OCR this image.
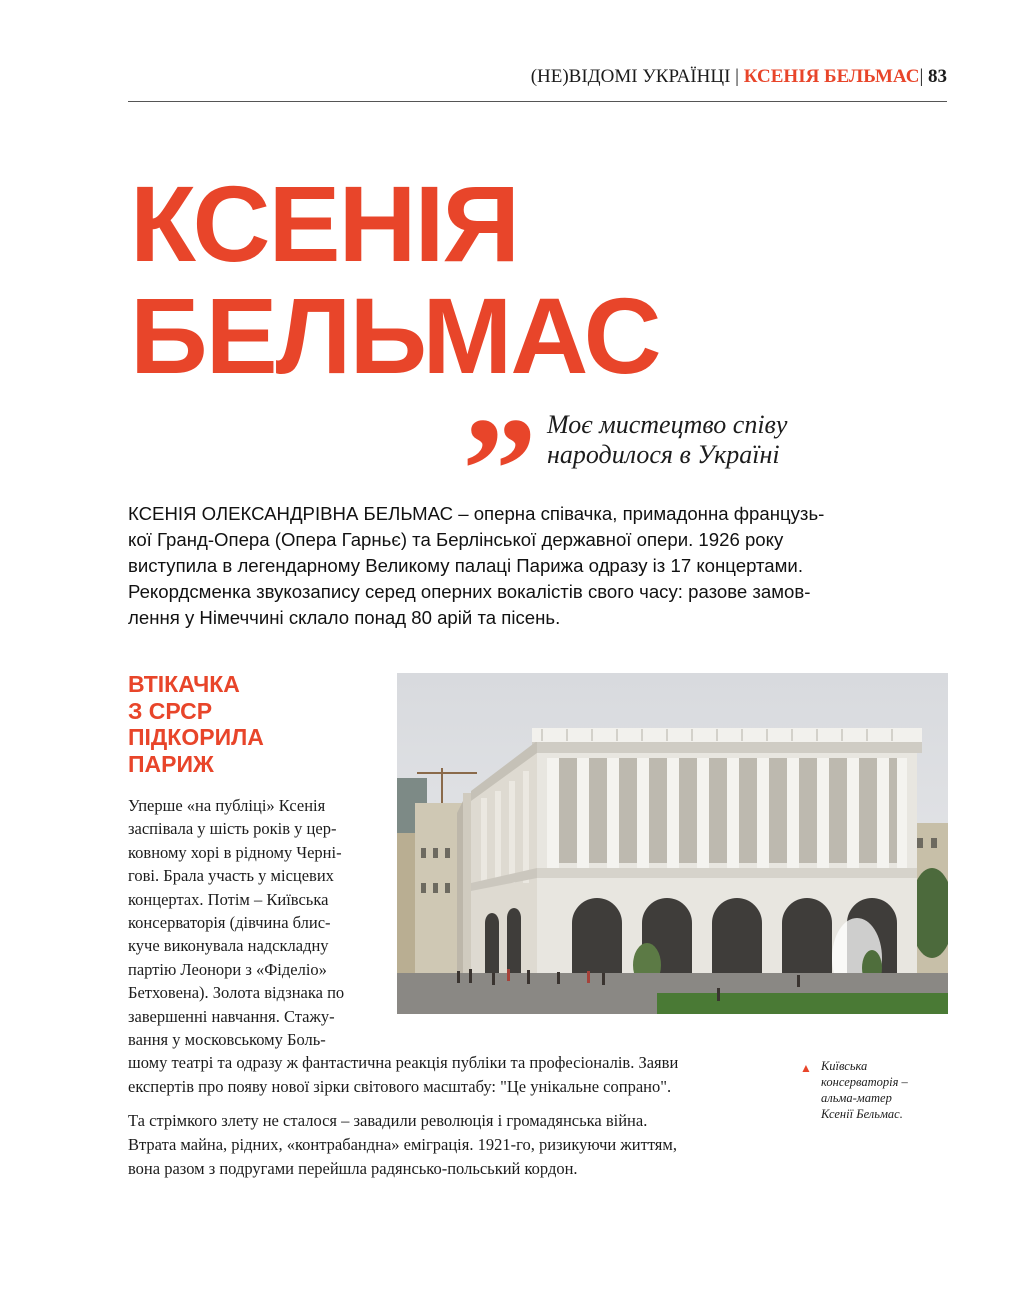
(НЕ)ВІДОМІ УКРАЇНЦІ | КСЕНІЯ БЕЛЬМАС| 83
КСЕНІЯ
БЕЛЬМАС
” Моє мистецтво співу
народилося в Україні
КСЕНІЯ ОЛЕКСАНДРІВНА БЕЛЬМАС – оперна співачка, примадонна французь-
кої Гранд-Опера (Опера Гарньє) та Берлінської державної опери. 1926 року
виступила в легендарному Великому палаці Парижа одразу із 17 концертами.
Рекордсменка звукозапису серед оперних вокалістів свого часу: разове замов-
лення у Німеччині склало понад 80 арій та пісень.
ВТІКАЧКА
З СРСР
ПІДКОРИЛА
ПАРИЖ
Уперше «на публіці» Ксенія
заспівала у шість років у цер-
ковному хорі в рідному Черні-
гові. Брала участь у місцевих
концертах. Потім – Київська
консерваторія (дівчина блис-
куче виконувала надскладну
партію Леонори з «Фіделіо»
Бетховена). Золота відзнака по
завершенні навчання. Стажу-
вання у московському Боль-
шому театрі та одразу ж фантастична реакція публіки та професіоналів. Заяви
експертів про появу нової зірки світового масштабу: "Це унікальне сопрано".
Та стрімкого злету не сталося – завадили революція і громадянська війна.
Втрата майна, рідних, «контрабандна» еміграція. 1921-го, ризикуючи життям,
вона разом з подругами перейшла радянсько-польський кордон.
▲ Київська
консерваторія –
альма-матер
Ксенії Бельмас.
